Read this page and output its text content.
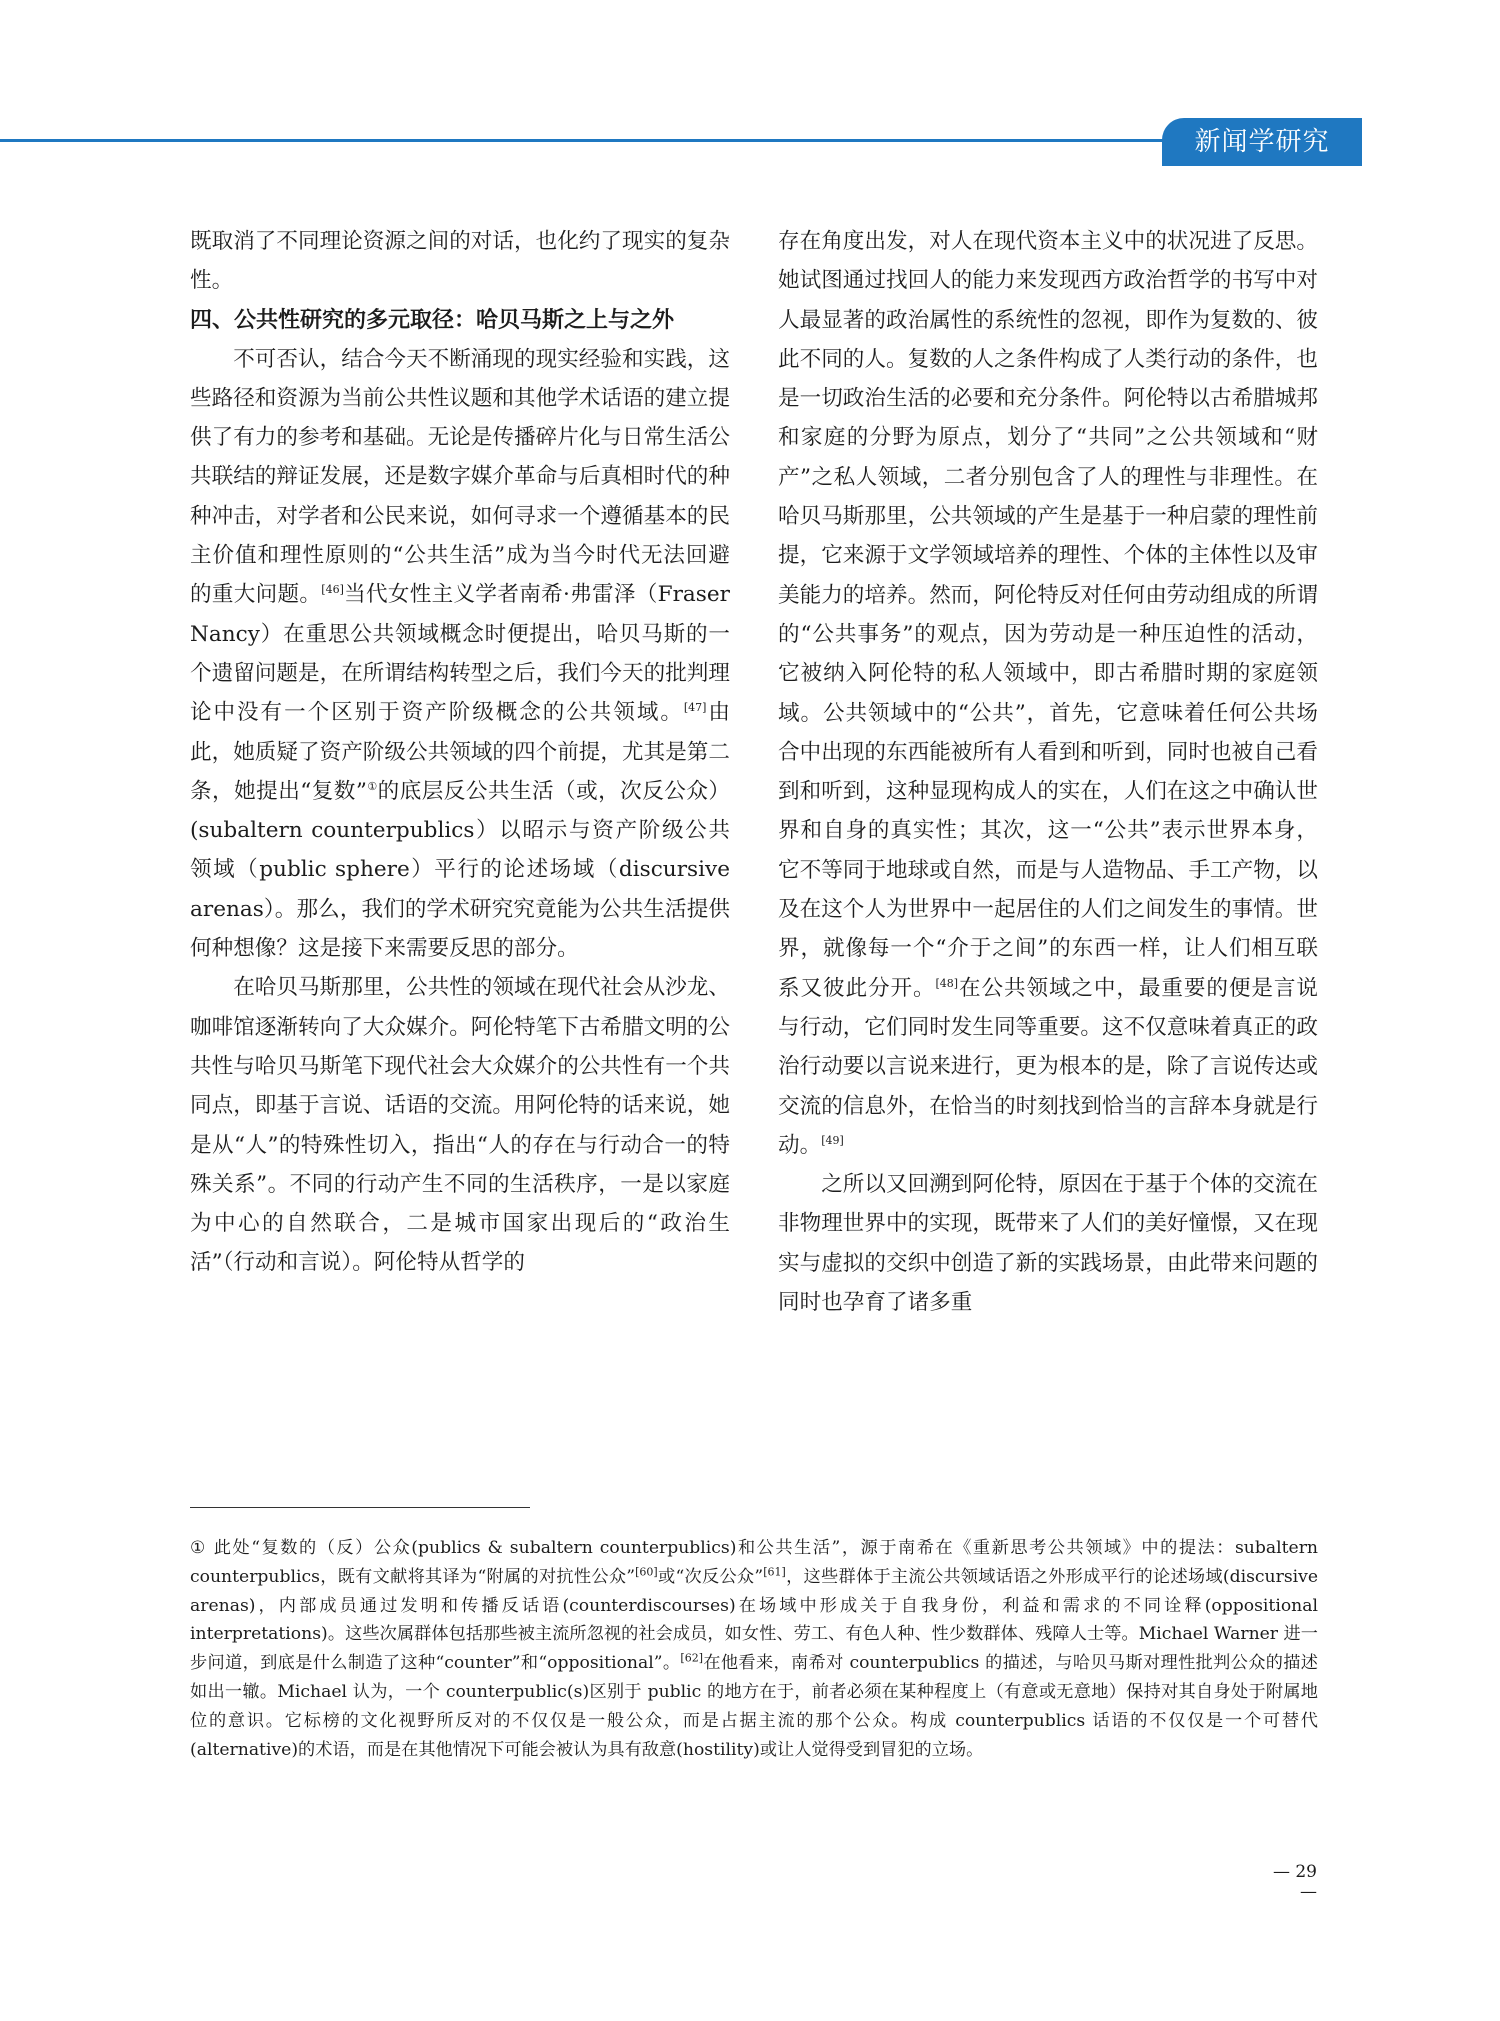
新闻学研究

既取消了不同理论资源之间的对话，也化约了现实的复杂性。

四、公共性研究的多元取径：哈贝马斯之上与之外

不可否认，结合今天不断涌现的现实经验和实践，这些路径和资源为当前公共性议题和其他学术话语的建立提供了有力的参考和基础。无论是传播碎片化与日常生活公共联结的辩证发展，还是数字媒介革命与后真相时代的种种冲击，对学者和公民来说，如何寻求一个遵循基本的民主价值和理性原则的“公共生活”成为当今时代无法回避的重大问题。[46]当代女性主义学者南希·弗雷泽（Fraser Nancy）在重思公共领域概念时便提出，哈贝马斯的一个遗留问题是，在所谓结构转型之后，我们今天的批判理论中没有一个区别于资产阶级概念的公共领域。[47]由此，她质疑了资产阶级公共领域的四个前提，尤其是第二条，她提出“复数”①的底层反公共生活（或，次反公众）(subaltern counterpublics）以昭示与资产阶级公共领域（public sphere）平行的论述场域（discursive arenas）。那么，我们的学术研究究竟能为公共生活提供何种想像？这是接下来需要反思的部分。

在哈贝马斯那里，公共性的领域在现代社会从沙龙、咖啡馆逐渐转向了大众媒介。阿伦特笔下古希腊文明的公共性与哈贝马斯笔下现代社会大众媒介的公共性有一个共同点，即基于言说、话语的交流。用阿伦特的话来说，她是从“人”的特殊性切入，指出“人的存在与行动合一的特殊关系”。不同的行动产生不同的生活秩序，一是以家庭为中心的自然联合，二是城市国家出现后的“政治生活”（行动和言说）。阿伦特从哲学的

存在角度出发，对人在现代资本主义中的状况进了反思。她试图通过找回人的能力来发现西方政治哲学的书写中对人最显著的政治属性的系统性的忽视，即作为复数的、彼此不同的人。复数的人之条件构成了人类行动的条件，也是一切政治生活的必要和充分条件。阿伦特以古希腊城邦和家庭的分野为原点，划分了“共同”之公共领域和“财产”之私人领域，二者分别包含了人的理性与非理性。在哈贝马斯那里，公共领域的产生是基于一种启蒙的理性前提，它来源于文学领域培养的理性、个体的主体性以及审美能力的培养。然而，阿伦特反对任何由劳动组成的所谓的“公共事务”的观点，因为劳动是一种压迫性的活动，它被纳入阿伦特的私人领域中，即古希腊时期的家庭领域。公共领域中的“公共”，首先，它意味着任何公共场合中出现的东西能被所有人看到和听到，同时也被自己看到和听到，这种显现构成人的实在，人们在这之中确认世界和自身的真实性；其次，这一“公共”表示世界本身，它不等同于地球或自然，而是与人造物品、手工产物，以及在这个人为世界中一起居住的人们之间发生的事情。世界，就像每一个“介于之间”的东西一样，让人们相互联系又彼此分开。[48]在公共领域之中，最重要的便是言说与行动，它们同时发生同等重要。这不仅意味着真正的政治行动要以言说来进行，更为根本的是，除了言说传达或交流的信息外，在恰当的时刻找到恰当的言辞本身就是行动。[49]

之所以又回溯到阿伦特，原因在于基于个体的交流在非物理世界中的实现，既带来了人们的美好憧憬，又在现实与虚拟的交织中创造了新的实践场景，由此带来问题的同时也孕育了诸多重

① 此处“复数的（反）公众(publics & subaltern counterpublics)和公共生活”，源于南希在《重新思考公共领域》中的提法：subaltern counterpublics，既有文献将其译为“附属的对抗性公众”[60]或“次反公众”[61]，这些群体于主流公共领域话语之外形成平行的论述场域(discursive arenas)，内部成员通过发明和传播反话语(counterdiscourses)在场域中形成关于自我身份，利益和需求的不同诠释(oppositional interpretations)。这些次属群体包括那些被主流所忽视的社会成员，如女性、劳工、有色人种、性少数群体、残障人士等。Michael Warner 进一步问道，到底是什么制造了这种“counter”和“oppositional”。[62]在他看来，南希对 counterpublics 的描述，与哈贝马斯对理性批判公众的描述如出一辙。Michael 认为，一个 counterpublic(s)区别于 public 的地方在于，前者必须在某种程度上（有意或无意地）保持对其自身处于附属地位的意识。它标榜的文化视野所反对的不仅仅是一般公众，而是占据主流的那个公众。构成 counterpublics 话语的不仅仅是一个可替代(alternative)的术语，而是在其他情况下可能会被认为具有敌意(hostility)或让人觉得受到冒犯的立场。

— 29 —
